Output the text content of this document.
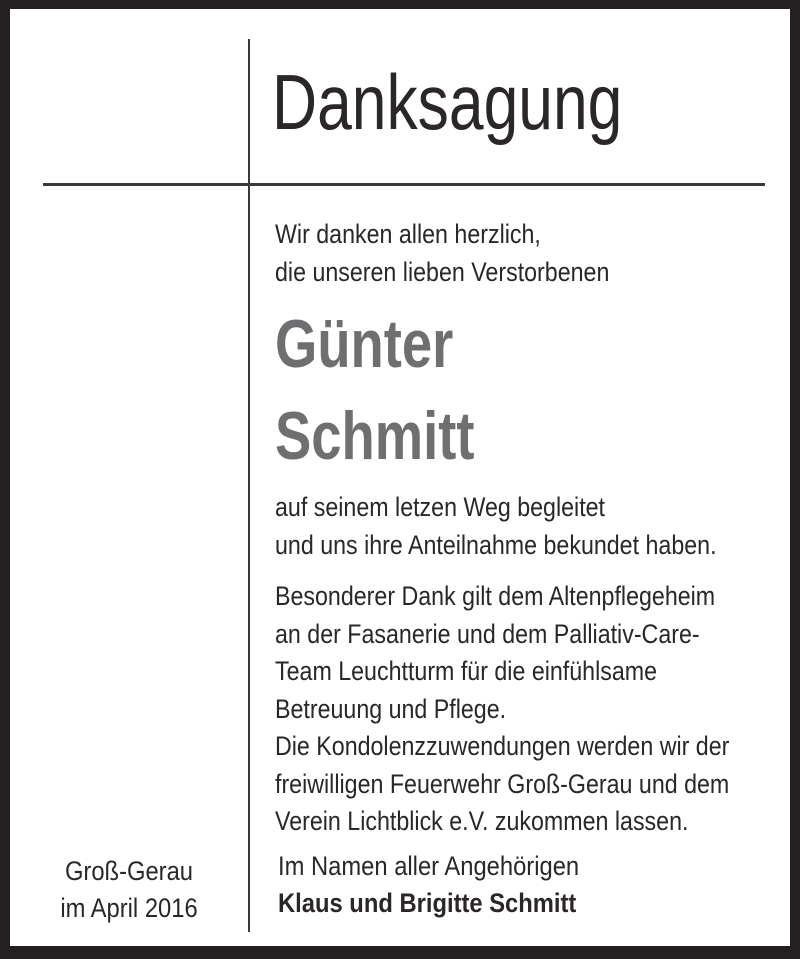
Danksagung
Wir danken allen herzlich,
die unseren lieben Verstorbenen
Günter
Schmitt
auf seinem letzen Weg begleitet
und uns ihre Anteilnahme bekundet haben.
Besonderer Dank gilt dem Altenpflegeheim
an der Fasanerie und dem Palliativ-Care-
Team Leuchtturm für die einfühlsame
Betreuung und Pflege.
Die Kondolenzzuwendungen werden wir der
freiwilligen Feuerwehr Groß-Gerau und dem
Verein Lichtblick e.V. zukommen lassen.
Groß-Gerau
im April 2016
Im Namen aller Angehörigen
Klaus und Brigitte Schmitt
